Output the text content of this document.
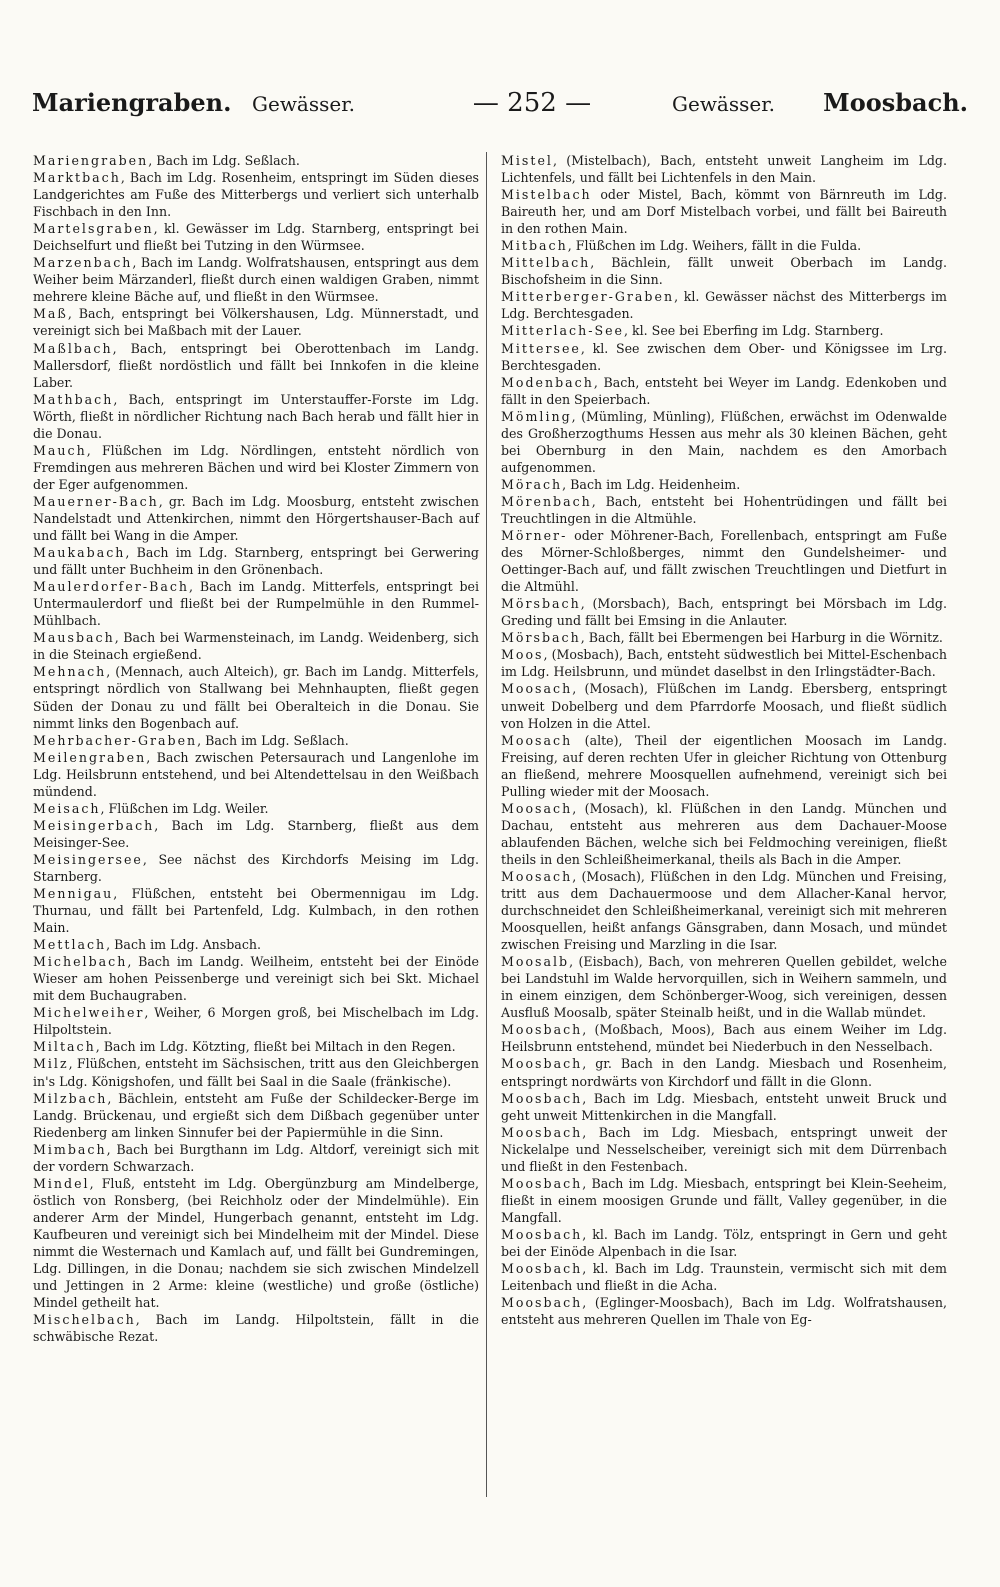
Mariengraben. Gewässer.	— 252 —	Gewässer. Moosbach.

Mariengraben, Bach im Ldg. Seßlach.

Marktbach, Bach im Ldg. Rosenheim, entspringt im Süden dieses Landgerichtes am Fuße des Mitterbergs und verliert sich unterhalb Fischbach in den Inn.

Martelsgraben, kl. Gewässer im Ldg. Starnberg, entspringt bei Deichselfurt und fließt bei Tutzing in den Würmsee.

Marzenbach, Bach im Landg. Wolfratshausen, entspringt aus dem Weiher beim Märzanderl, fließt durch einen waldigen Graben, nimmt mehrere kleine Bäche auf, und fließt in den Würmsee.

Maß, Bach, entspringt bei Völkershausen, Ldg. Münnerstadt, und vereinigt sich bei Maßbach mit der Lauer.

Maßlbach, Bach, entspringt bei Oberottenbach im Landg. Mallersdorf, fließt nordöstlich und fällt bei Innkofen in die kleine Laber.

Mathbach, Bach, entspringt im Unterstauffer-Forste im Ldg. Wörth, fließt in nördlicher Richtung nach Bach herab und fällt hier in die Donau.

Mauch, Flüßchen im Ldg. Nördlingen, entsteht nördlich von Fremdingen aus mehreren Bächen und wird bei Kloster Zimmern von der Eger aufgenommen.

Mauerner-Bach, gr. Bach im Ldg. Moosburg, entsteht zwischen Nandelstadt und Attenkirchen, nimmt den Hörgertshauser-Bach auf und fällt bei Wang in die Amper.

Maukabach, Bach im Ldg. Starnberg, entspringt bei Gerwering und fällt unter Buchheim in den Grönenbach.

Maulerdorfer-Bach, Bach im Landg. Mitterfels, entspringt bei Untermaulerdorf und fließt bei der Rumpelmühle in den Rummel-Mühlbach.

Mausbach, Bach bei Warmensteinach, im Landg. Weidenberg, sich in die Steinach ergießend.

Mehnach, (Mennach, auch Alteich), gr. Bach im Landg. Mitterfels, entspringt nördlich von Stallwang bei Mehnhaupten, fließt gegen Süden der Donau zu und fällt bei Oberalteich in die Donau. Sie nimmt links den Bogenbach auf.

Mehrbacher-Graben, Bach im Ldg. Seßlach.

Meilengraben, Bach zwischen Petersaurach und Langenlohe im Ldg. Heilsbrunn entstehend, und bei Altendettelsau in den Weißbach mündend.

Meisach, Flüßchen im Ldg. Weiler.

Meisingerbach, Bach im Ldg. Starnberg, fließt aus dem Meisinger-See.

Meisingersee, See nächst des Kirchdorfs Meising im Ldg. Starnberg.

Mennigau, Flüßchen, entsteht bei Obermennigau im Ldg. Thurnau, und fällt bei Partenfeld, Ldg. Kulmbach, in den rothen Main.

Mettlach, Bach im Ldg. Ansbach.

Michelbach, Bach im Landg. Weilheim, entsteht bei der Einöde Wieser am hohen Peissenberge und vereinigt sich bei Skt. Michael mit dem Buchaugraben.

Michelweiher, Weiher, 6 Morgen groß, bei Mischelbach im Ldg. Hilpoltstein.

Miltach, Bach im Ldg. Kötzting, fließt bei Miltach in den Regen.

Milz, Flüßchen, entsteht im Sächsischen, tritt aus den Gleichbergen in's Ldg. Königshofen, und fällt bei Saal in die Saale (fränkische).

Milzbach, Bächlein, entsteht am Fuße der Schildecker-Berge im Landg. Brückenau, und ergießt sich dem Dißbach gegenüber unter Riedenberg am linken Sinnufer bei der Papiermühle in die Sinn.

Mimbach, Bach bei Burgthann im Ldg. Altdorf, vereinigt sich mit der vordern Schwarzach.

Mindel, Fluß, entsteht im Ldg. Obergünzburg am Mindelberge, östlich von Ronsberg, (bei Reichholz oder der Mindelmühle). Ein anderer Arm der Mindel, Hungerbach genannt, entsteht im Ldg. Kaufbeuren und vereinigt sich bei Mindelheim mit der Mindel. Diese nimmt die Westernach und Kamlach auf, und fällt bei Gundremingen, Ldg. Dillingen, in die Donau; nachdem sie sich zwischen Mindelzell und Jettingen in 2 Arme: kleine (westliche) und große (östliche) Mindel getheilt hat.

Mischelbach, Bach im Landg. Hilpoltstein, fällt in die schwäbische Rezat.

Mistel, (Mistelbach), Bach, entsteht unweit Langheim im Ldg. Lichtenfels, und fällt bei Lichtenfels in den Main.

Mistelbach oder Mistel, Bach, kömmt von Bärnreuth im Ldg. Baireuth her, und am Dorf Mistelbach vorbei, und fällt bei Baireuth in den rothen Main.

Mitbach, Flüßchen im Ldg. Weihers, fällt in die Fulda.

Mittelbach, Bächlein, fällt unweit Oberbach im Landg. Bischofsheim in die Sinn.

Mitterberger-Graben, kl. Gewässer nächst des Mitterbergs im Ldg. Berchtesgaden.

Mitterlach-See, kl. See bei Eberfing im Ldg. Starnberg.

Mittersee, kl. See zwischen dem Ober- und Königssee im Lrg. Berchtesgaden.

Modenbach, Bach, entsteht bei Weyer im Landg. Edenkoben und fällt in den Speierbach.

Mömling, (Mümling, Münling), Flüßchen, erwächst im Odenwalde des Großherzogthums Hessen aus mehr als 30 kleinen Bächen, geht bei Obernburg in den Main, nachdem es den Amorbach aufgenommen.

Mörach, Bach im Ldg. Heidenheim.

Mörenbach, Bach, entsteht bei Hohentrüdingen und fällt bei Treuchtlingen in die Altmühle.

Mörner- oder Möhrener-Bach, Forellenbach, entspringt am Fuße des Mörner-Schloßberges, nimmt den Gundelsheimer- und Oettinger-Bach auf, und fällt zwischen Treuchtlingen und Dietfurt in die Altmühl.

Mörsbach, (Morsbach), Bach, entspringt bei Mörsbach im Ldg. Greding und fällt bei Emsing in die Anlauter.

Mörsbach, Bach, fällt bei Ebermengen bei Harburg in die Wörnitz.

Moos, (Mosbach), Bach, entsteht südwestlich bei Mittel-Eschenbach im Ldg. Heilsbrunn, und mündet daselbst in den Irlingstädter-Bach.

Moosach, (Mosach), Flüßchen im Landg. Ebersberg, entspringt unweit Dobelberg und dem Pfarrdorfe Moosach, und fließt südlich von Holzen in die Attel.

Moosach (alte), Theil der eigentlichen Moosach im Landg. Freising, auf deren rechten Ufer in gleicher Richtung von Ottenburg an fließend, mehrere Moosquellen aufnehmend, vereinigt sich bei Pulling wieder mit der Moosach.

Moosach, (Mosach), kl. Flüßchen in den Landg. München und Dachau, entsteht aus mehreren aus dem Dachauer-Moose ablaufenden Bächen, welche sich bei Feldmoching vereinigen, fließt theils in den Schleißheimerkanal, theils als Bach in die Amper.

Moosach, (Mosach), Flüßchen in den Ldg. München und Freising, tritt aus dem Dachauermoose und dem Allacher-Kanal hervor, durchschneidet den Schleißheimerkanal, vereinigt sich mit mehreren Moosquellen, heißt anfangs Gänsgraben, dann Mosach, und mündet zwischen Freising und Marzling in die Isar.

Moosalb, (Eisbach), Bach, von mehreren Quellen gebildet, welche bei Landstuhl im Walde hervorquillen, sich in Weihern sammeln, und in einem einzigen, dem Schönberger-Woog, sich vereinigen, dessen Ausfluß Moosalb, später Steinalb heißt, und in die Wallab mündet.

Moosbach, (Moßbach, Moos), Bach aus einem Weiher im Ldg. Heilsbrunn entstehend, mündet bei Niederbuch in den Nesselbach.

Moosbach, gr. Bach in den Landg. Miesbach und Rosenheim, entspringt nordwärts von Kirchdorf und fällt in die Glonn.

Moosbach, Bach im Ldg. Miesbach, entsteht unweit Bruck und geht unweit Mittenkirchen in die Mangfall.

Moosbach, Bach im Ldg. Miesbach, entspringt unweit der Nickelalpe und Nesselscheiber, vereinigt sich mit dem Dürrenbach und fließt in den Festenbach.

Moosbach, Bach im Ldg. Miesbach, entspringt bei Klein-Seeheim, fließt in einem moosigen Grunde und fällt, Valley gegenüber, in die Mangfall.

Moosbach, kl. Bach im Landg. Tölz, entspringt in Gern und geht bei der Einöde Alpenbach in die Isar.

Moosbach, kl. Bach im Ldg. Traunstein, vermischt sich mit dem Leitenbach und fließt in die Acha.

Moosbach, (Eglinger-Moosbach), Bach im Ldg. Wolfratshausen, entsteht aus mehreren Quellen im Thale von Eg-
